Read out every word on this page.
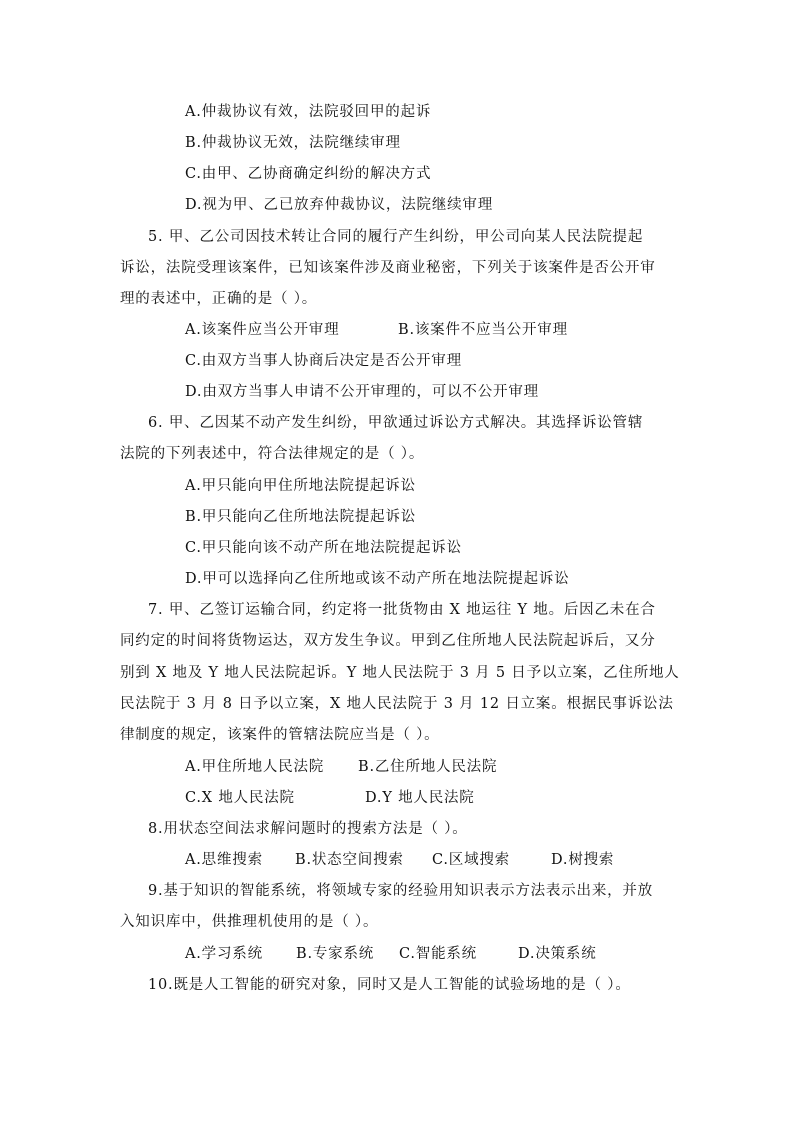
A.仲裁协议有效，法院驳回甲的起诉
B.仲裁协议无效，法院继续审理
C.由甲、乙协商确定纠纷的解决方式
D.视为甲、乙已放弃仲裁协议，法院继续审理
5. 甲、乙公司因技术转让合同的履行产生纠纷，甲公司向某人民法院提起
诉讼，法院受理该案件，已知该案件涉及商业秘密，下列关于该案件是否公开审
理的表述中，正确的是（ ）。
A.该案件应当公开审理	B.该案件不应当公开审理
C.由双方当事人协商后决定是否公开审理
D.由双方当事人申请不公开审理的，可以不公开审理
6. 甲、乙因某不动产发生纠纷，甲欲通过诉讼方式解决。其选择诉讼管辖
法院的下列表述中，符合法律规定的是（ ）。
A.甲只能向甲住所地法院提起诉讼
B.甲只能向乙住所地法院提起诉讼
C.甲只能向该不动产所在地法院提起诉讼
D.甲可以选择向乙住所地或该不动产所在地法院提起诉讼
7. 甲、乙签订运输合同，约定将一批货物由 X 地运往 Y 地。后因乙未在合
同约定的时间将货物运达，双方发生争议。甲到乙住所地人民法院起诉后，又分
别到 X 地及 Y 地人民法院起诉。Y 地人民法院于 3 月 5 日予以立案，乙住所地人
民法院于 3 月 8 日予以立案，X 地人民法院于 3 月 12 日立案。根据民事诉讼法
律制度的规定，该案件的管辖法院应当是（ ）。
A.甲住所地人民法院 B.乙住所地人民法院
C.X 地人民法院	D.Y 地人民法院
8.用状态空间法求解问题时的搜索方法是（ ）。
A.思维搜索 B.状态空间搜索 C.区域搜索	D.树搜索
9.基于知识的智能系统，将领域专家的经验用知识表示方法表示出来，并放
入知识库中，供推理机使用的是（ ）。
A.学习系统 B.专家系统 C.智能系统	D.决策系统
10.既是人工智能的研究对象，同时又是人工智能的试验场地的是（ ）。
